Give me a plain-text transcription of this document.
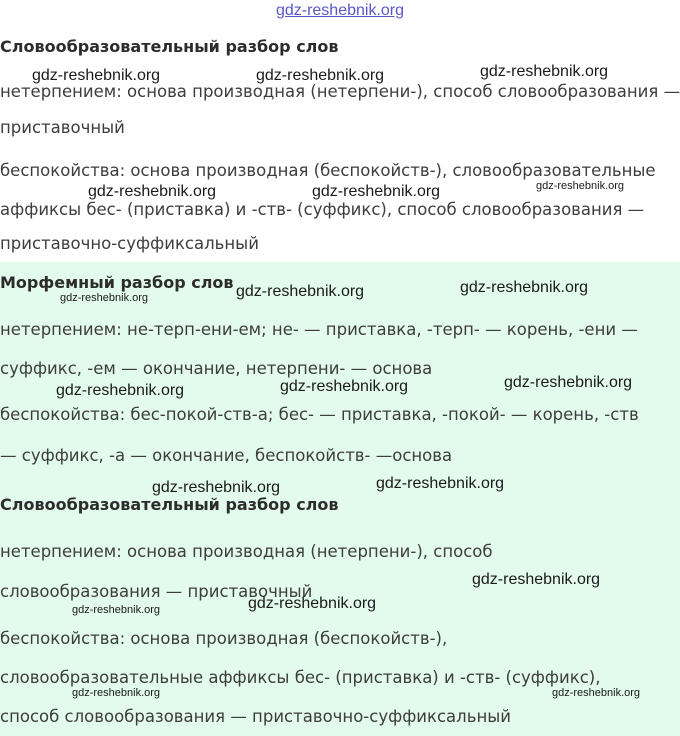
gdz-reshebnik.org
Словообразовательный разбор слов
нетерпением: основа производная (нетерпени-), способ словообразования —
приставочный
беспокойства: основа производная (беспокойств-), словообразовательные
аффиксы бес- (приставка) и -ств- (суффикс), способ словообразования —
приставочно-суффиксальный
Морфемный разбор слов
нетерпением: не-терп-ени-ем; не- — приставка, -терп- — корень, -ени —
суффикс, -ем — окончание, нетерпени- — основа
беспокойства: бес-покой-ств-а; бес- — приставка, -покой- — корень, -ств
— суффикс, -а — окончание, беспокойств- —основа
Словообразовательный разбор слов
нетерпением: основа производная (нетерпени-), способ
словообразования — приставочный
беспокойства: основа производная (беспокойств-),
словообразовательные аффиксы бес- (приставка) и -ств- (суффикс),
способ словообразования — приставочно-суффиксальный
gdz-reshebnik.org	gdz-reshebnik.org	gdz-reshebnik.org
gdz-reshebnik.org	gdz-reshebnik.org	gdz-reshebnik.org
gdz-reshebnik.org	gdz-reshebnik.org	gdz-reshebnik.org
gdz-reshebnik.org	gdz-reshebnik.org	gdz-reshebnik.org
gdz-reshebnik.org	gdz-reshebnik.org
gdz-reshebnik.org
gdz-reshebnik.org	gdz-reshebnik.org
gdz-reshebnik.org	gdz-reshebnik.org
